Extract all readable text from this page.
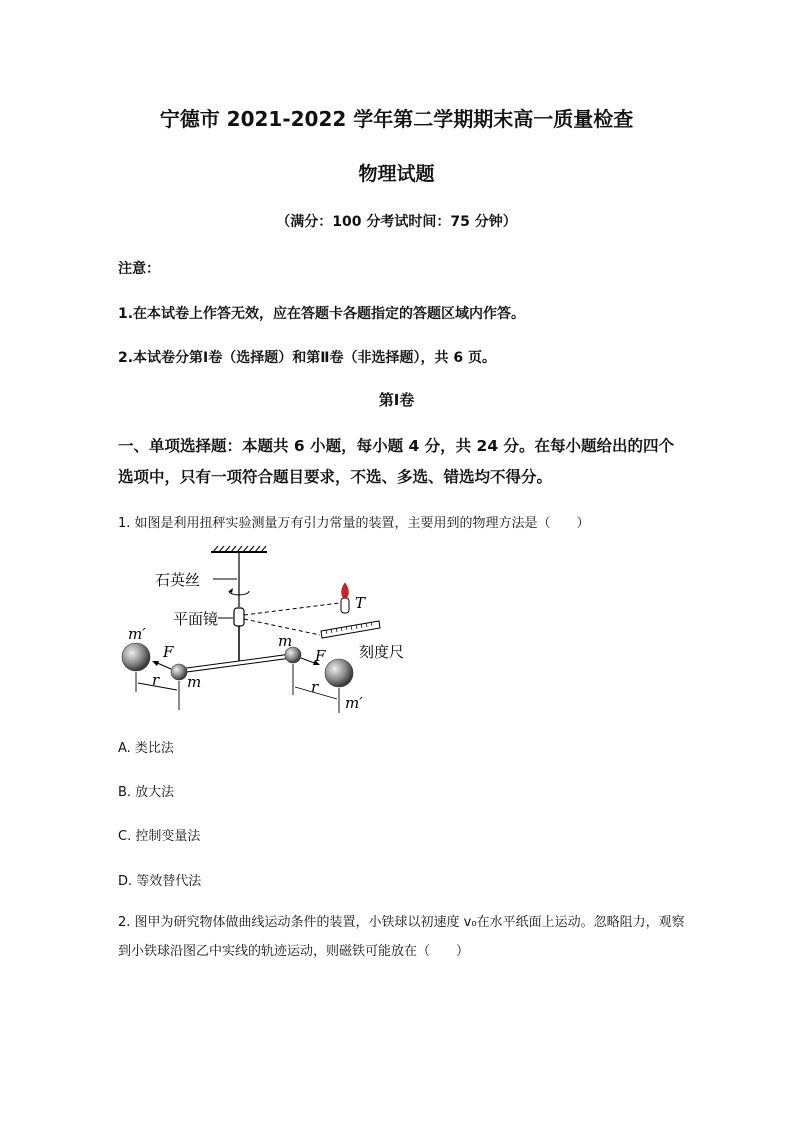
宁德市 2021-2022 学年第二学期期末高一质量检查
物理试题
（满分：100 分考试时间：75 分钟）
注意：
1.在本试卷上作答无效，应在答题卡各题指定的答题区域内作答。
2.本试卷分第Ⅰ卷（选择题）和第Ⅱ卷（非选择题），共 6 页。
第Ⅰ卷
一、单项选择题：本题共 6 小题，每小题 4 分，共 24 分。在每小题给出的四个
选项中，只有一项符合题目要求，不选、多选、错选均不得分。
1. 如图是利用扭秤实验测量万有引力常量的装置，主要用到的物理方法是（　　）
石英丝
平面镜
T
刻度尺
F	F
m
m
m′
m′
r	r
A. 类比法
B. 放大法
C. 控制变量法
D. 等效替代法
2. 图甲为研究物体做曲线运动条件的装置，小铁球以初速度 v₀在水平纸面上运动。忽略阻力，观察到小铁球沿图乙中实线的轨迹运动，则磁铁可能放在（　　）
